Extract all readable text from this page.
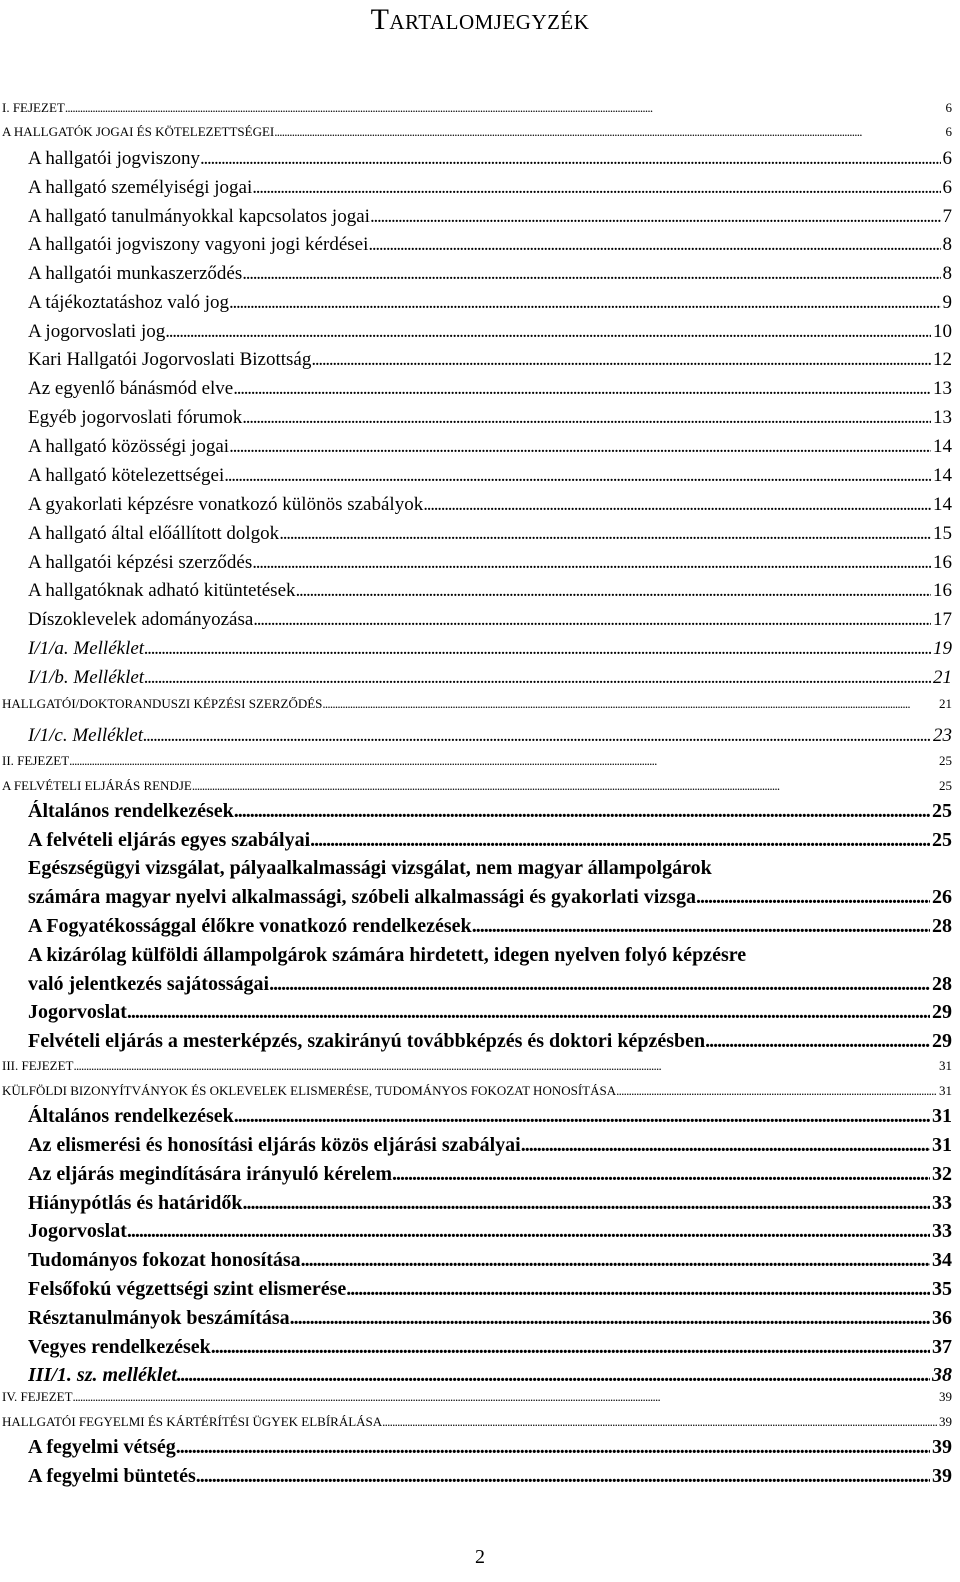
Tartalomjegyzék
I. FEJEZET . . .	6
A HALLGATÓK JOGAI ÉS KÖTELEZETTSÉGEI . . .	6
A hallgatói jogviszony . . .	6
A hallgató személyiségi jogai . . .	6
A hallgató tanulmányokkal kapcsolatos jogai . . .	7
A hallgatói jogviszony vagyoni jogi kérdései . . .	8
A hallgatói munkaszerződés . . .	8
A tájékoztatáshoz való jog . . .	9
A jogorvoslati jog . . .	10
Kari Hallgatói Jogorvoslati Bizottság . . .	12
Az egyenlő bánásmód elve . . .	13
Egyéb jogorvoslati fórumok . . .	13
A hallgató közösségi jogai . . .	14
A hallgató kötelezettségei . . .	14
A gyakorlati képzésre vonatkozó különös szabályok . . .	14
A hallgató által előállított dolgok . . .	15
A hallgatói képzési szerződés . . .	16
A hallgatóknak adható kitüntetések . . .	16
Díszoklevelek adományozása . . .	17
I/1/a. Melléklet . . .	19
I/1/b. Melléklet . . .	21
HALLGATÓI/DOKTORANDUSZI KÉPZÉSI SZERZŐDÉS . . .	21
I/1/c. Melléklet . . .	23
II. FEJEZET . . .	25
A FELVÉTELI ELJÁRÁS RENDJE . . .	25
Általános rendelkezések . . .	25
A felvételi eljárás egyes szabályai . . .	25
Egészségügyi vizsgálat, pályaalkalmassági vizsgálat, nem magyar állampolgárok
számára magyar nyelvi alkalmassági, szóbeli alkalmassági és gyakorlati vizsga . . .	26
A Fogyatékossággal élőkre vonatkozó rendelkezések . . .	28
A kizárólag külföldi állampolgárok számára hirdetett, idegen nyelven folyó képzésre
való jelentkezés sajátosságai . . .	28
Jogorvoslat . . .	29
Felvételi eljárás a mesterképzés, szakirányú továbbképzés és doktori képzésben . . .	29
III. FEJEZET . . .	31
KÜLFÖLDI BIZONYÍTVÁNYOK ÉS OKLEVELEK ELISMERÉSE, TUDOMÁNYOS FOKOZAT HONOSÍTÁSA . . .	31
Általános rendelkezések . . .	31
Az elismerési és honosítási eljárás közös eljárási szabályai . . .	31
Az eljárás megindítására irányuló kérelem . . .	32
Hiánypótlás és határidők . . .	33
Jogorvoslat . . .	33
Tudományos fokozat honosítása . . .	34
Felsőfokú végzettségi szint elismerése . . .	35
Résztanulmányok beszámítása . . .	36
Vegyes rendelkezések . . .	37
III/1. sz. melléklet . . .	38
IV. FEJEZET . . .	39
HALLGATÓI FEGYELMI ÉS KÁRTÉRÍTÉSI ÜGYEK ELBÍRÁLÁSA . . .	39
A fegyelmi vétség . . .	39
A fegyelmi büntetés . . .	39
2
